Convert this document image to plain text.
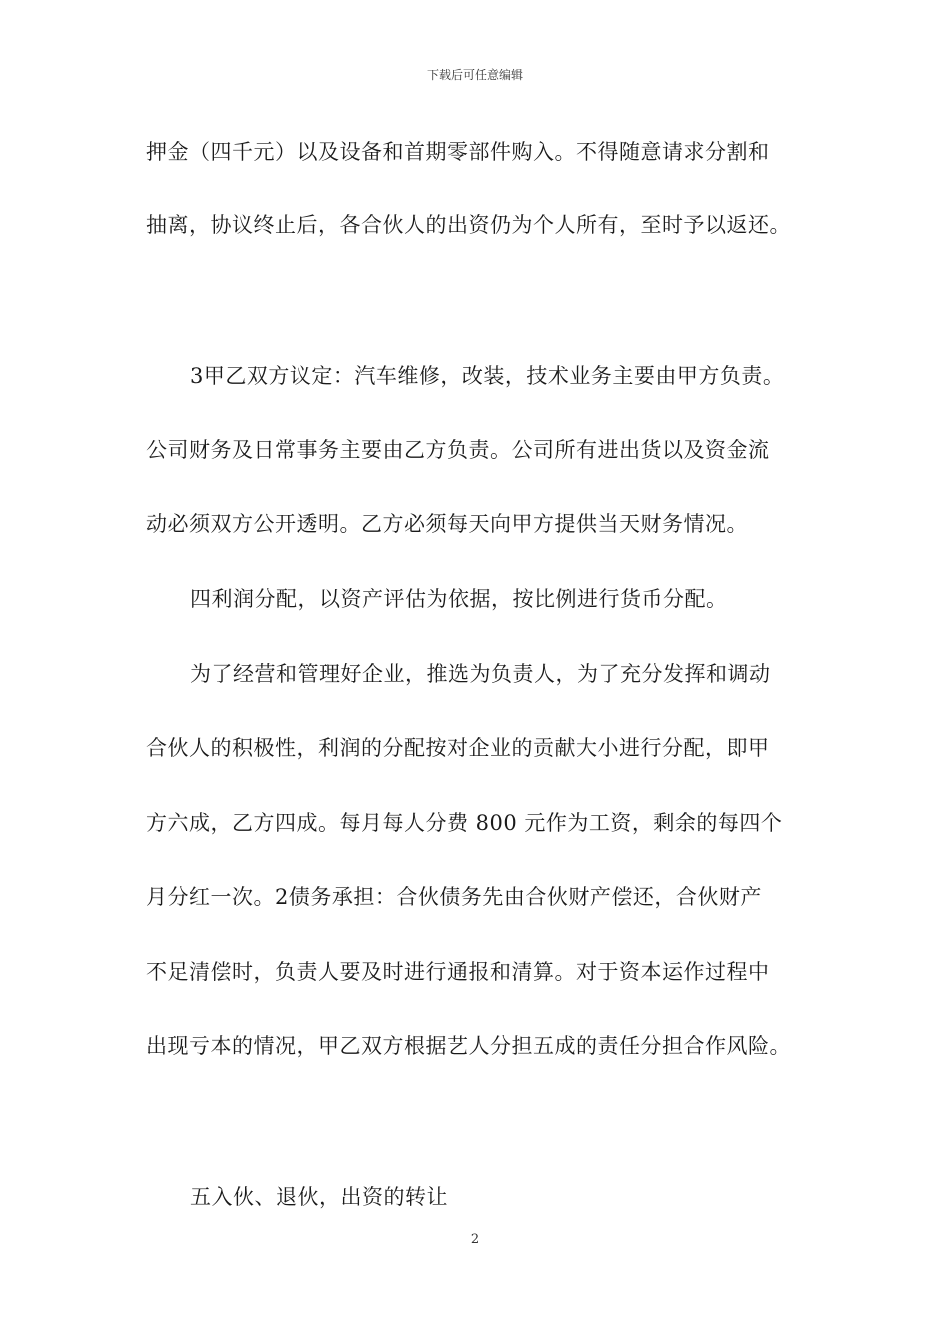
下载后可任意编辑
押金（四千元）以及设备和首期零部件购入。不得随意请求分割和
抽离，协议终止后，各合伙人的出资仍为个人所有，至时予以返还。
3甲乙双方议定：汽车维修，改装，技术业务主要由甲方负责。
公司财务及日常事务主要由乙方负责。公司所有进出货以及资金流
动必须双方公开透明。乙方必须每天向甲方提供当天财务情况。
四利润分配，以资产评估为依据，按比例进行货币分配。
为了经营和管理好企业，推选为负责人，为了充分发挥和调动
合伙人的积极性，利润的分配按对企业的贡献大小进行分配，即甲
方六成，乙方四成。每月每人分费 800 元作为工资，剩余的每四个
月分红一次。2债务承担：合伙债务先由合伙财产偿还，合伙财产
不足清偿时，负责人要及时进行通报和清算。对于资本运作过程中
出现亏本的情况，甲乙双方根据艺人分担五成的责任分担合作风险。
五入伙、退伙，出资的转让
2
